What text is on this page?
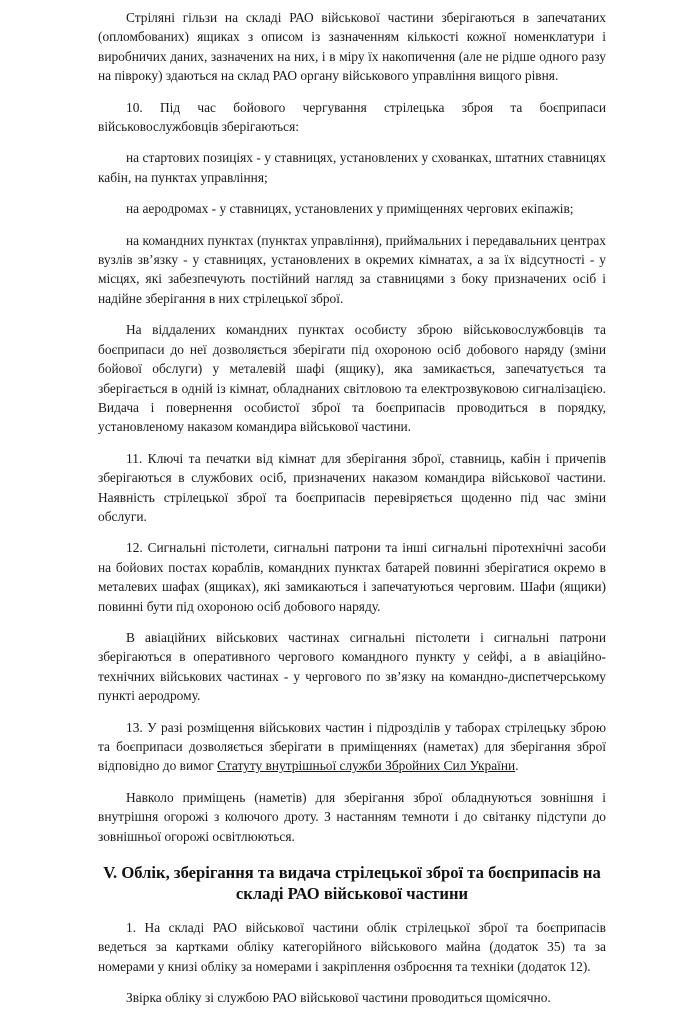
Стріляні гільзи на складі РАО військової частини зберігаються в запечатаних (опломбованих) ящиках з описом із зазначенням кількості кожної номенклатури і виробничих даних, зазначених на них, і в міру їх накопичення (але не рідше одного разу на півроку) здаються на склад РАО органу військового управління вищого рівня.

10. Під час бойового чергування стрілецька зброя та боєприпаси військовослужбовців зберігаються:

на стартових позиціях - у ставницях, установлених у схованках, штатних ставницях кабін, на пунктах управління;

на аеродромах - у ставницях, установлених у приміщеннях чергових екіпажів;

на командних пунктах (пунктах управління), приймальних і передавальних центрах вузлів зв’язку - у ставницях, установлених в окремих кімнатах, а за їх відсутності - у місцях, які забезпечують постійний нагляд за ставницями з боку призначених осіб і надійне зберігання в них стрілецької зброї.

На віддалених командних пунктах особисту зброю військовослужбовців та боєприпаси до неї дозволяється зберігати під охороною осіб добового наряду (зміни бойової обслуги) у металевій шафі (ящику), яка замикається, запечатується та зберігається в одній із кімнат, обладнаних світловою та електрозвуковою сигналізацією. Видача і повернення особистої зброї та боєприпасів проводиться в порядку, установленому наказом командира військової частини.

11. Ключі та печатки від кімнат для зберігання зброї, ставниць, кабін і причепів зберігаються в службових осіб, призначених наказом командира військової частини. Наявність стрілецької зброї та боєприпасів перевіряється щоденно під час зміни обслуги.

12. Сигнальні пістолети, сигнальні патрони та інші сигнальні піротехнічні засоби на бойових постах кораблів, командних пунктах батарей повинні зберігатися окремо в металевих шафах (ящиках), які замикаються і запечатуються черговим. Шафи (ящики) повинні бути під охороною осіб добового наряду.

В авіаційних військових частинах сигнальні пістолети і сигнальні патрони зберігаються в оперативного чергового командного пункту у сейфі, а в авіаційно-технічних військових частинах - у чергового по зв’язку на командно-диспетчерському пункті аеродрому.

13. У разі розміщення військових частин і підрозділів у таборах стрілецьку зброю та боєприпаси дозволяється зберігати в приміщеннях (наметах) для зберігання зброї відповідно до вимог Статуту внутрішньої служби Збройних Сил України.

Навколо приміщень (наметів) для зберігання зброї обладнуються зовнішня і внутрішня огорожі з колючого дроту. З настанням темноти і до світанку підступи до зовнішньої огорожі освітлюються.

V. Облік, зберігання та видача стрілецької зброї та боєприпасів на складі РАО військової частини

1. На складі РАО військової частини облік стрілецької зброї та боєприпасів ведеться за картками обліку категорійного військового майна (додаток 35) та за номерами у книзі обліку за номерами і закріплення озброєння та техніки (додаток 12).

Звірка обліку зі службою РАО військової частини проводиться щомісячно.
